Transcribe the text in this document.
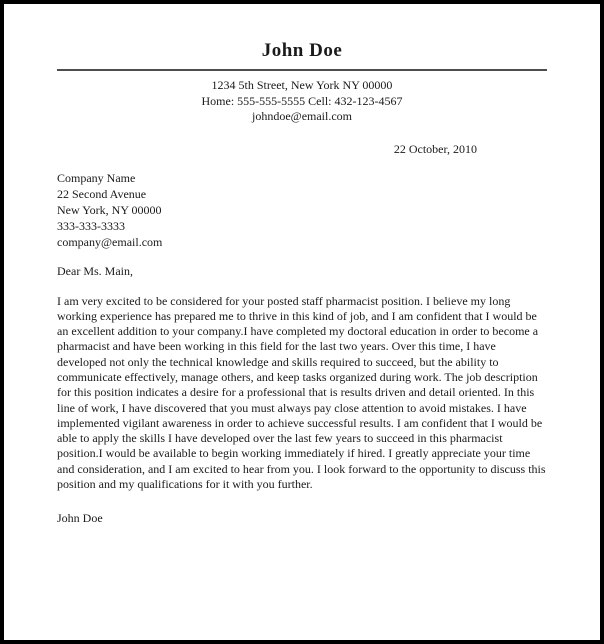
John Doe
1234 5th Street, New York NY 00000
Home: 555-555-5555 Cell: 432-123-4567
johndoe@email.com
22 October, 2010
Company Name
22 Second Avenue
New York, NY 00000
333-333-3333
company@email.com
Dear Ms. Main,
I am very excited to be considered for your posted staff pharmacist position. I believe my long working experience has prepared me to thrive in this kind of job, and I am confident that I would be an excellent addition to your company.I have completed my doctoral education in order to become a pharmacist and have been working in this field for the last two years. Over this time, I have developed not only the technical knowledge and skills required to succeed, but the ability to communicate effectively, manage others, and keep tasks organized during work. The job description for this position indicates a desire for a professional that is results driven and detail oriented. In this line of work, I have discovered that you must always pay close attention to avoid mistakes. I have implemented vigilant awareness in order to achieve successful results. I am confident that I would be able to apply the skills I have developed over the last few years to succeed in this pharmacist position.I would be available to begin working immediately if hired. I greatly appreciate your time and consideration, and I am excited to hear from you. I look forward to the opportunity to discuss this position and my qualifications for it with you further.
John Doe
